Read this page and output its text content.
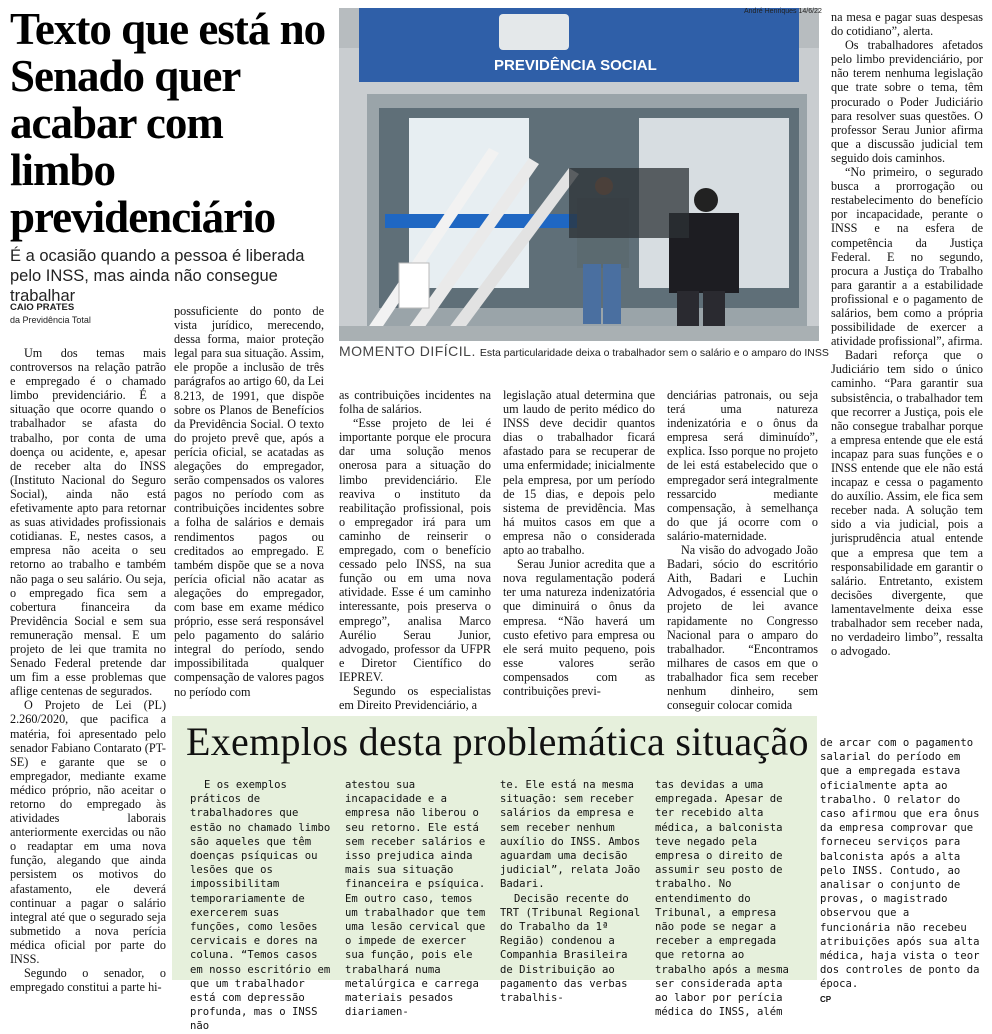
Texto que está no Senado quer acabar com limbo previdenciário
É a ocasião quando a pessoa é liberada pelo INSS, mas ainda não consegue trabalhar
CAIO PRATES
da Previdência Total

Um dos temas mais controversos na relação patrão e empregado é o chamado limbo previdenciário. É a situação que ocorre quando o trabalhador se afasta do trabalho, por conta de uma doença ou acidente, e, apesar de receber alta do INSS (Instituto Nacional do Seguro Social), ainda não está efetivamente apto para retornar as suas atividades profissionais cotidianas. E, nestes casos, a empresa não aceita o seu retorno ao trabalho e também não paga o seu salário. Ou seja, o empregado fica sem a cobertura financeira da Previdência Social e sem sua remuneração mensal. E um projeto de lei que tramita no Senado Federal pretende dar um fim a esse problemas que aflige centenas de segurados.

O Projeto de Lei (PL) 2.260/2020, que pacifica a matéria, foi apresentado pelo senador Fabiano Contarato (PT-SE) e garante que se o empregador, mediante exame médico próprio, não aceitar o retorno do empregado às atividades laborais anteriormente exercidas ou não o readaptar em uma nova função, alegando que ainda persistem os motivos do afastamento, ele deverá continuar a pagar o salário integral até que o segurado seja submetido a nova perícia médica oficial por parte do INSS.

Segundo o senador, o empregado constitui a parte hi-

possuficiente do ponto de vista jurídico, merecendo, dessa forma, maior proteção legal para sua situação. Assim, ele propõe a inclusão de três parágrafos ao artigo 60, da Lei 8.213, de 1991, que dispõe sobre os Planos de Benefícios da Previdência Social. O texto do projeto prevê que, após a perícia oficial, se acatadas as alegações do empregador, serão compensados os valores pagos no período com as contribuições incidentes sobre a folha de salários e demais rendimentos pagos ou creditados ao empregado. E também dispõe que se a nova perícia oficial não acatar as alegações do empregador, com base em exame médico próprio, esse será responsável pelo pagamento do salário integral do período, sendo impossibilitada qualquer compensação de valores pagos no período com

as contribuições incidentes na folha de salários.

“Esse projeto de lei é importante porque ele procura dar uma solução menos onerosa para a situação do limbo previdenciário. Ele reaviva o instituto da reabilitação profissional, pois o empregador irá para um caminho de reinserir o empregado, com o benefício cessado pelo INSS, na sua função ou em uma nova atividade. Esse é um caminho interessante, pois preserva o emprego”, analisa Marco Aurélio Serau Junior, advogado, professor da UFPR e Diretor Científico do IEPREV.

Segundo os especialistas em Direito Previdenciário, a

legislação atual determina que um laudo de perito médico do INSS deve decidir quantos dias o trabalhador ficará afastado para se recuperar de uma enfermidade; inicialmente pela empresa, por um período de 15 dias, e depois pelo sistema de previdência. Mas há muitos casos em que a empresa não o considerada apto ao trabalho.

Serau Junior acredita que a nova regulamentação poderá ter uma natureza indenizatória que diminuirá o ônus da empresa. “Não haverá um custo efetivo para empresa ou ele será muito pequeno, pois esse valores serão compensados com as contribuições previ-

denciárias patronais, ou seja terá uma natureza indenizatória e o ônus da empresa será diminuído”, explica. Isso porque no projeto de lei está estabelecido que o empregador será integralmente ressarcido mediante compensação, à semelhança do que já ocorre com o salário-maternidade.

Na visão do advogado João Badari, sócio do escritório Aith, Badari e Luchin Advogados, é essencial que o projeto de lei avance rapidamente no Congresso Nacional para o amparo do trabalhador. “Encontramos milhares de casos em que o trabalhador fica sem receber nenhum dinheiro, sem conseguir colocar comida

na mesa e pagar suas despesas do cotidiano”, alerta.

Os trabalhadores afetados pelo limbo previdenciário, por não terem nenhuma legislação que trate sobre o tema, têm procurado o Poder Judiciário para resolver suas questões. O professor Serau Junior afirma que a discussão judicial tem seguido dois caminhos.

“No primeiro, o segurado busca a prorrogação ou restabelecimento do benefício por incapacidade, perante o INSS e na esfera de competência da Justiça Federal. E no segundo, procura a Justiça do Trabalho para garantir a a estabilidade profissional e o pagamento de salários, bem como a própria possibilidade de exercer a atividade profissional”, afirma.

Badari reforça que o Judiciário tem sido o único caminho. “Para garantir sua subsistência, o trabalhador tem que recorrer a Justiça, pois ele não consegue trabalhar porque a empresa entende que ele está incapaz para suas funções e o INSS entende que ele não está incapaz e cessa o pagamento do auxílio. Assim, ele fica sem receber nada. A solução tem sido a via judicial, pois a jurisprudência atual entende que a empresa que tem a responsabilidade em garantir o salário. Entretanto, existem decisões divergente, que lamentavelmente deixa esse trabalhador sem receber nada, no verdadeiro limbo”, ressalta o advogado.

PREVIDÊNCIA SOCIAL
André Henriques 14/6/22
MOMENTO DIFÍCIL. Esta particularidade deixa o trabalhador sem o salário e o amparo do INSS
Exemplos desta problemática situação

E os exemplos práticos de trabalhadores que estão no chamado limbo são aqueles que têm doenças psíquicas ou lesões que os impossibilitam temporariamente de exercerem suas funções, como lesões cervicais e dores na coluna. “Temos casos em nosso escritório em que um trabalhador está com depressão profunda, mas o INSS não

atestou sua incapacidade e a empresa não liberou o seu retorno. Ele está sem receber salários e isso prejudica ainda mais sua situação financeira e psíquica. Em outro caso, temos um trabalhador que tem uma lesão cervical que o impede de exercer sua função, pois ele trabalhará numa metalúrgica e carrega materiais pesados diariamen-

te. Ele está na mesma situação: sem receber salários da empresa e sem receber nenhum auxílio do INSS. Ambos aguardam uma decisão judicial”, relata João Badari.

Decisão recente do TRT (Tribunal Regional do Trabalho da 1ª Região) condenou a Companhia Brasileira de Distribuição ao pagamento das verbas trabalhis-

tas devidas a uma empregada. Apesar de ter recebido alta médica, a balconista teve negado pela empresa o direito de assumir seu posto de trabalho. No entendimento do Tribunal, a empresa não pode se negar a receber a empregada que retorna ao trabalho após a mesma ser considerada apta ao labor por perícia médica do INSS, além

de arcar com o pagamento salarial do período em que a empregada estava oficialmente apta ao trabalho. O relator do caso afirmou que era ônus da empresa comprovar que forneceu serviços para balconista após a alta pelo INSS. Contudo, ao analisar o conjunto de provas, o magistrado observou que a funcionária não recebeu atribuições após sua alta médica, haja vista o teor dos controles de ponto da época.

CP
